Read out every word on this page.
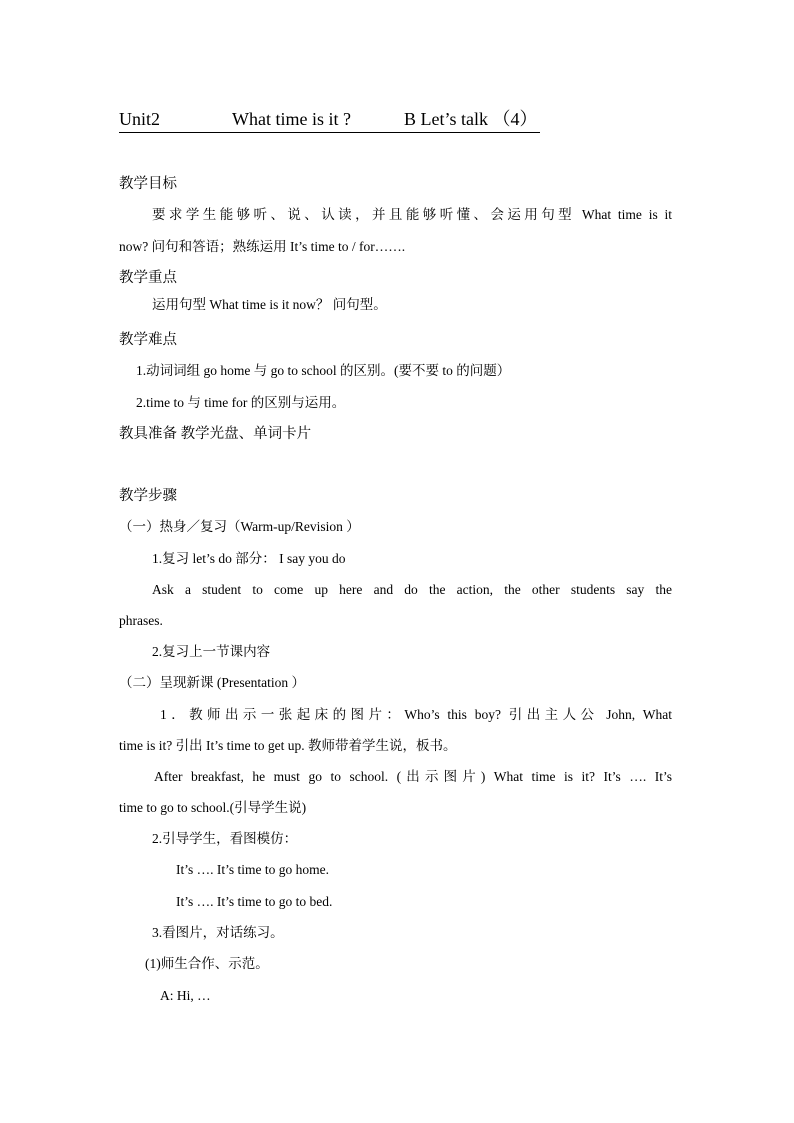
Unit2	What time is it ?	B Let’s talk （4）
教学目标
要求学生能够听、说、认读，并且能够听懂、会运用句型 What time is it
now? 问句和答语；熟练运用 It’s time to / for…….
教学重点
运用句型 What time is it now？ 问句型。
教学难点
1.动词词组 go home 与 go to school 的区别。(要不要 to 的问题）
2.time to 与 time for 的区别与运用。
教具准备 教学光盘、单词卡片
教学步骤
（一）热身／复习（Warm-up/Revision ）
1.复习 let’s do 部分： I say you do
Ask a student to come up here and do the action, the other students say the
phrases.
2.复习上一节课内容
（二）呈现新课 (Presentation ）
1．教师出示一张起床的图片：Who’s this boy? 引出主人公 John, What
time is it? 引出 It’s time to get up. 教师带着学生说，板书。
After breakfast, he must go to school. (出示图片) What time is it? It’s …. It’s
time to go to school.(引导学生说)
2.引导学生，看图模仿：
It’s …. It’s time to go home.
It’s …. It’s time to go to bed.
3.看图片，对话练习。
(1)师生合作、示范。
A: Hi, …
